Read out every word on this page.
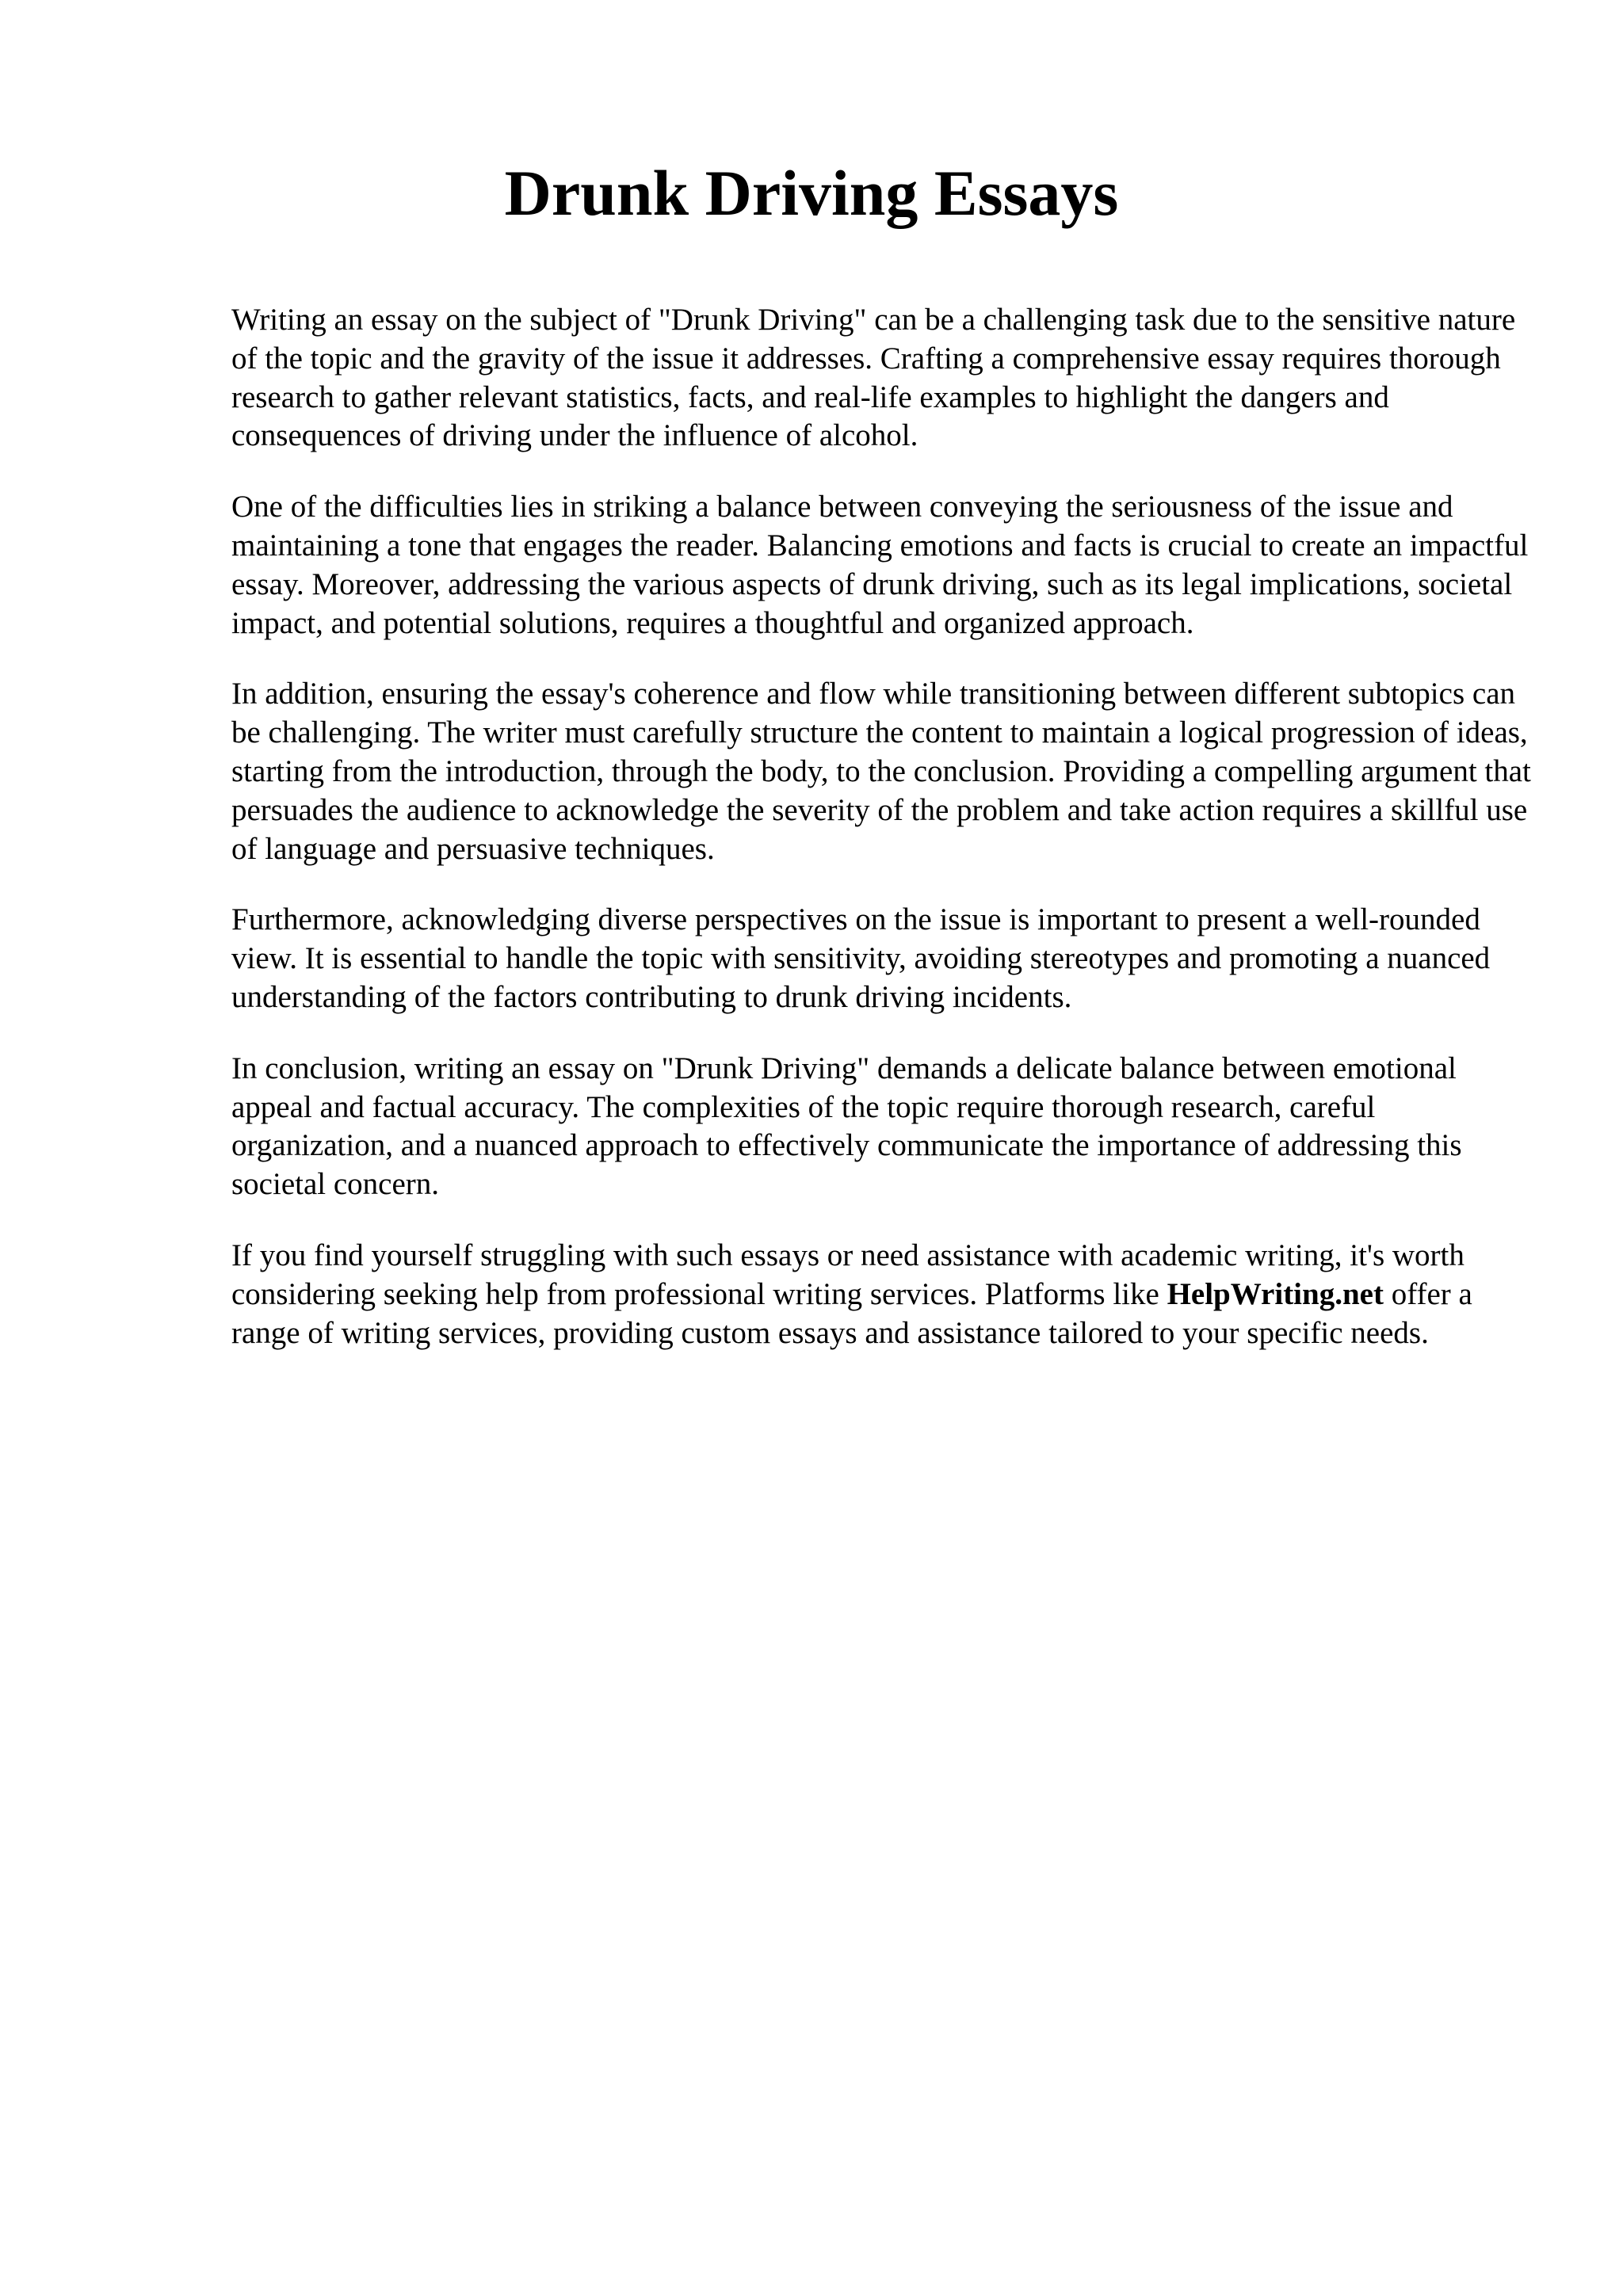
Drunk Driving Essays

Writing an essay on the subject of "Drunk Driving" can be a challenging task due to the sensitive nature of the topic and the gravity of the issue it addresses. Crafting a comprehensive essay requires thorough research to gather relevant statistics, facts, and real-life examples to highlight the dangers and consequences of driving under the influence of alcohol.

One of the difficulties lies in striking a balance between conveying the seriousness of the issue and maintaining a tone that engages the reader. Balancing emotions and facts is crucial to create an impactful essay. Moreover, addressing the various aspects of drunk driving, such as its legal implications, societal impact, and potential solutions, requires a thoughtful and organized approach.

In addition, ensuring the essay's coherence and flow while transitioning between different subtopics can be challenging. The writer must carefully structure the content to maintain a logical progression of ideas, starting from the introduction, through the body, to the conclusion. Providing a compelling argument that persuades the audience to acknowledge the severity of the problem and take action requires a skillful use of language and persuasive techniques.

Furthermore, acknowledging diverse perspectives on the issue is important to present a well-rounded view. It is essential to handle the topic with sensitivity, avoiding stereotypes and promoting a nuanced understanding of the factors contributing to drunk driving incidents.

In conclusion, writing an essay on "Drunk Driving" demands a delicate balance between emotional appeal and factual accuracy. The complexities of the topic require thorough research, careful organization, and a nuanced approach to effectively communicate the importance of addressing this societal concern.

If you find yourself struggling with such essays or need assistance with academic writing, it's worth considering seeking help from professional writing services. Platforms like HelpWriting.net offer a range of writing services, providing custom essays and assistance tailored to your specific needs.
